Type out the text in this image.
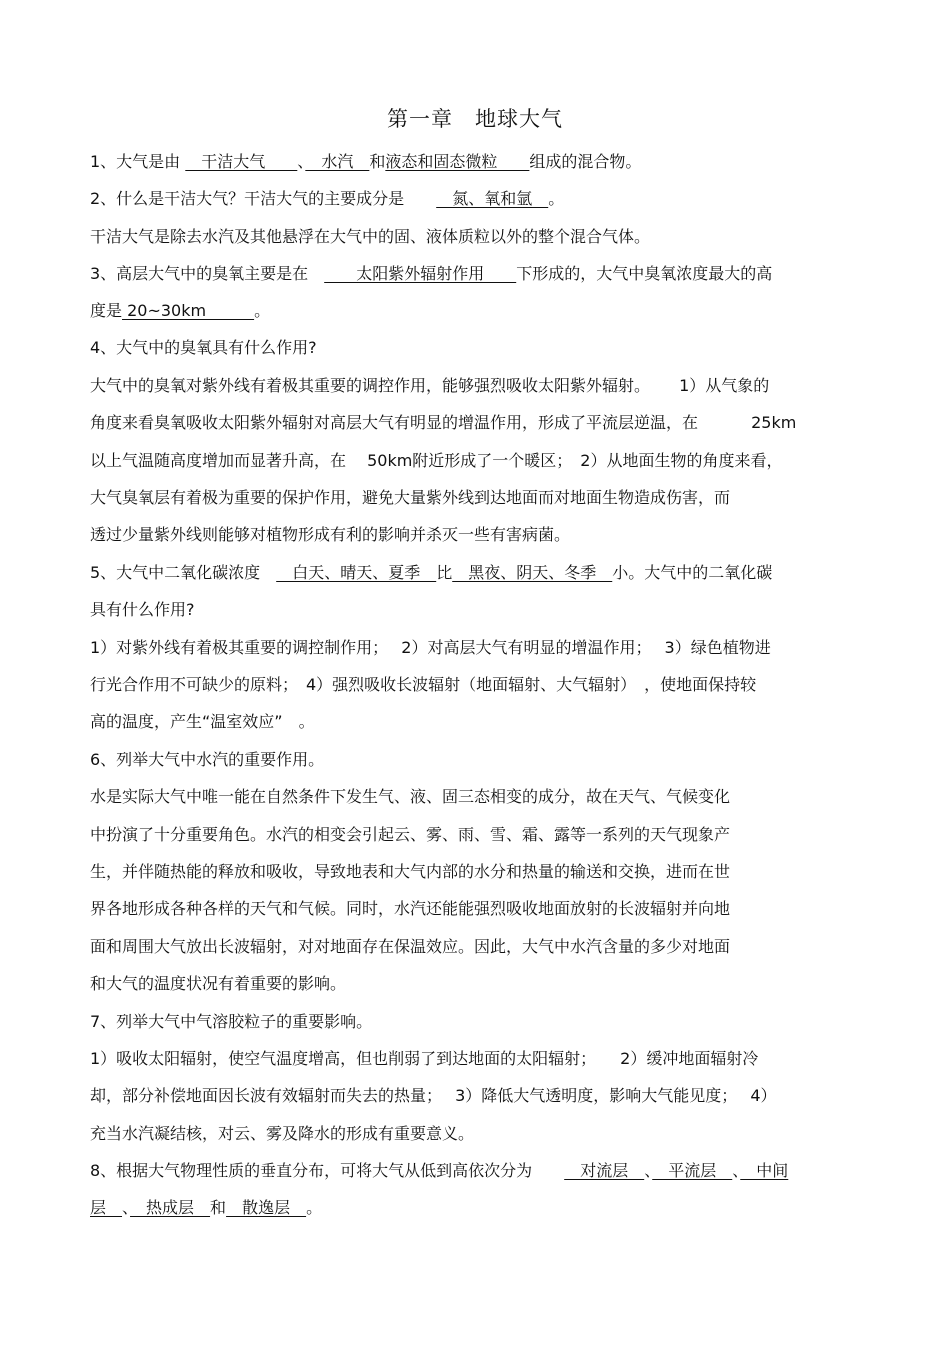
第一章　地球大气
1、大气是由 　干洁大气　　、　水汽　和液态和固态微粒　　组成的混合物。
2、什么是干洁大气？干洁大气的主要成分是　　　氮、氧和氩　。
干洁大气是除去水汽及其他悬浮在大气中的固、液体质粒以外的整个混合气体。
3、高层大气中的臭氧主要是在　　　太阳紫外辐射作用　　下形成的，大气中臭氧浓度最大的高
度是 20~30km　　　。
4、大气中的臭氧具有什么作用?
大气中的臭氧对紫外线有着极其重要的调控作用，能够强烈吸收太阳紫外辐射。　　 1）从气象的
角度来看臭氧吸收太阳紫外辐射对高层大气有明显的增温作用，形成了平流层逆温，在　　　 25km
以上气温随高度增加而显著升高，在　 50km附近形成了一个暖区；　2）从地面生物的角度来看，
大气臭氧层有着极为重要的保护作用，避免大量紫外线到达地面而对地面生物造成伤害，而
透过少量紫外线则能够对植物形成有利的影响并杀灭一些有害病菌。
5、大气中二氧化碳浓度　　白天、晴天、夏季　比　黑夜、阴天、冬季　小。大气中的二氧化碳
具有什么作用?
1）对紫外线有着极其重要的调控制作用；　 2）对高层大气有明显的增温作用；　 3）绿色植物进
行光合作用不可缺少的原料；　4）强烈吸收长波辐射（地面辐射、大气辐射）　，使地面保持较
高的温度，产生“温室效应”　。
6、列举大气中水汽的重要作用。
水是实际大气中唯一能在自然条件下发生气、液、固三态相变的成分，故在天气、气候变化
中扮演了十分重要角色。水汽的相变会引起云、雾、雨、雪、霜、露等一系列的天气现象产
生，并伴随热能的释放和吸收，导致地表和大气内部的水分和热量的输送和交换，进而在世
界各地形成各种各样的天气和气候。同时，水汽还能能强烈吸收地面放射的长波辐射并向地
面和周围大气放出长波辐射，对对地面存在保温效应。因此，大气中水汽含量的多少对地面
和大气的温度状况有着重要的影响。
7、列举大气中气溶胶粒子的重要影响。
1）吸收太阳辐射，使空气温度增高，但也削弱了到达地面的太阳辐射；　　2）缓冲地面辐射冷
却，部分补偿地面因长波有效辐射而失去的热量；　 3）降低大气透明度，影响大气能见度；　 4）
充当水汽凝结核，对云、雾及降水的形成有重要意义。
8、根据大气物理性质的垂直分布，可将大气从低到高依次分为　　　对流层　、　平流层　、　中间
层　、　热成层　和　散逸层　。
